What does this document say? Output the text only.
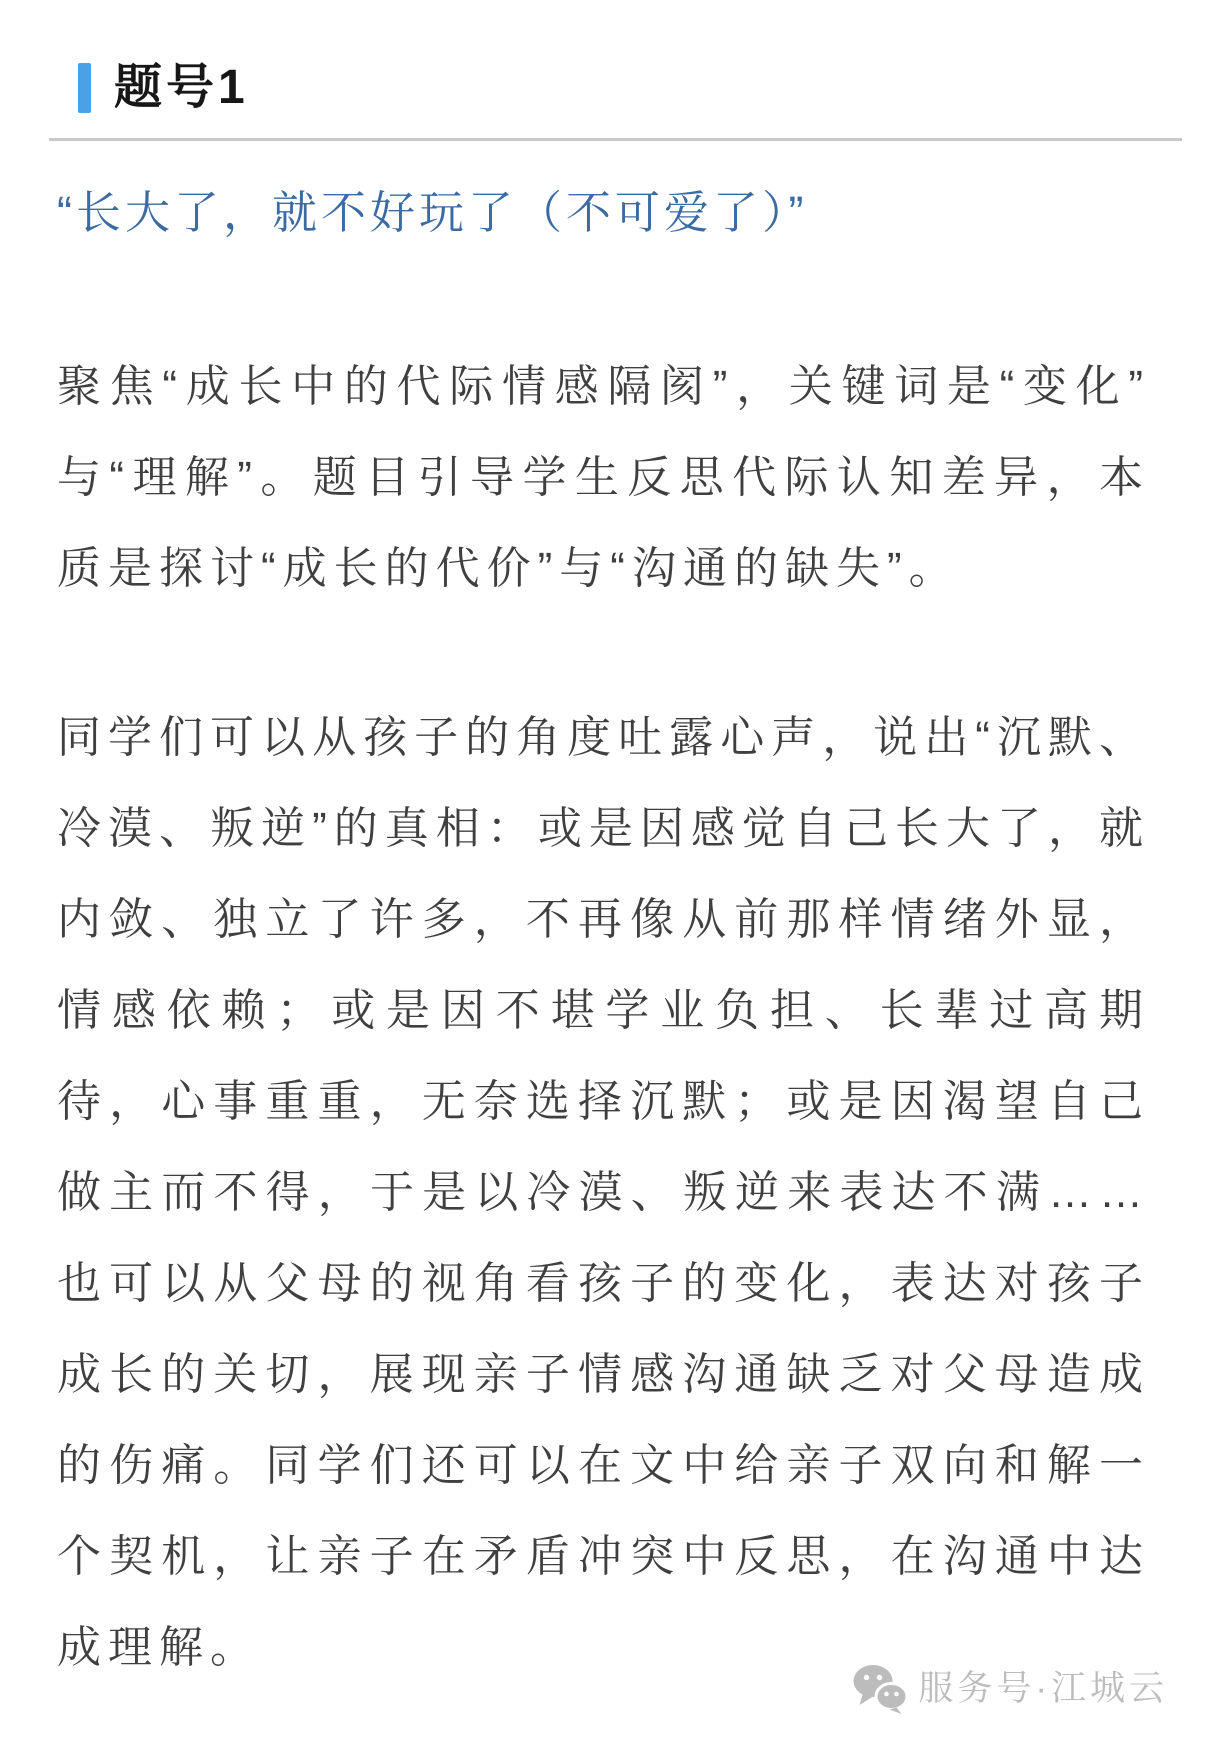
题号1
“长大了，就不好玩了（不可爱了）”

聚焦“成长中的代际情感隔阂”，关键词是“变化”与“理解”。题目引导学生反思代际认知差异，本质是探讨“成长的代价”与“沟通的缺失”。

同学们可以从孩子的角度吐露心声，说出“沉默、冷漠、叛逆”的真相：或是因感觉自己长大了，就内敛、独立了许多，不再像从前那样情绪外显，情感依赖；或是因不堪学业负担、长辈过高期待，心事重重，无奈选择沉默；或是因渴望自己做主而不得，于是以冷漠、叛逆来表达不满……也可以从父母的视角看孩子的变化，表达对孩子成长的关切，展现亲子情感沟通缺乏对父母造成的伤痛。同学们还可以在文中给亲子双向和解一个契机，让亲子在矛盾冲突中反思，在沟通中达成理解。

服务号·江城云
